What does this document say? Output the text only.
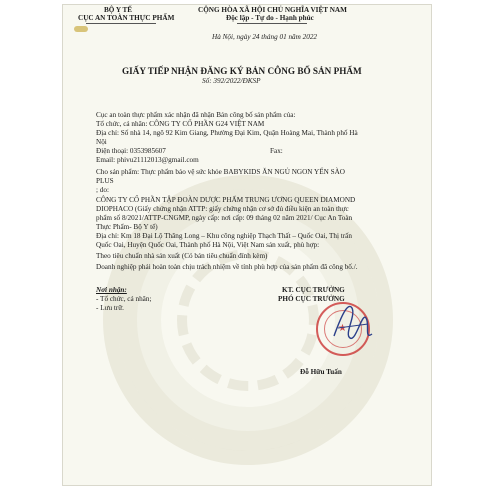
BỘ Y TẾ
CỤC AN TOÀN THỰC PHẨM
CỘNG HÒA XÃ HỘI CHỦ NGHĨA VIỆT NAM
Độc lập - Tự do - Hạnh phúc
Hà Nội, ngày 24 tháng 01 năm 2022
GIẤY TIẾP NHẬN ĐĂNG KÝ BẢN CÔNG BỐ SẢN PHẨM
Số: 392/2022/ĐKSP
Cục an toàn thực phẩm xác nhận đã nhận Bản công bố sản phẩm của:
Tổ chức, cá nhân: CÔNG TY CỔ PHẦN G24 VIỆT NAM
Địa chỉ: Số nhà 14, ngõ 92 Kim Giang, Phường Đại Kim, Quận Hoàng Mai, Thành phố Hà
Nội
Điện thoại: 0353985607	Fax:
Email: phivu21112013@gmail.com
Cho sản phẩm: Thực phẩm bảo vệ sức khỏe BABYKIDS ĂN NGỦ NGON YẾN SÀO
PLUS
; do:
CÔNG TY CỔ PHẦN TẬP ĐOÀN DƯỢC PHẨM TRUNG ƯƠNG QUEEN DIAMOND
DIOPHACO (Giấy chứng nhận ATTP: giấy chứng nhận cơ sở đủ điều kiện an toàn thực
phẩm số 8/2021/ATTP-CNGMP, ngày cấp: nơi cấp: 09 tháng 02 năm 2021/ Cục An Toàn
Thực Phẩm- Bộ Y tế)
Địa chỉ: Km 18 Đại Lộ Thăng Long – Khu công nghiệp Thạch Thất – Quốc Oai, Thị trấn
Quốc Oai, Huyện Quốc Oai, Thành phố Hà Nội, Việt Nam sản xuất, phù hợp:
Theo tiêu chuẩn nhà sản xuất (Có bản tiêu chuẩn đính kèm)
Doanh nghiệp phải hoàn toàn chịu trách nhiệm về tính phù hợp của sản phẩm đã công bố./.
Nơi nhận:
- Tổ chức, cá nhân;
- Lưu trữ.
KT. CỤC TRƯỞNG
PHÓ CỤC TRƯỞNG
★
Đỗ Hữu Tuấn
